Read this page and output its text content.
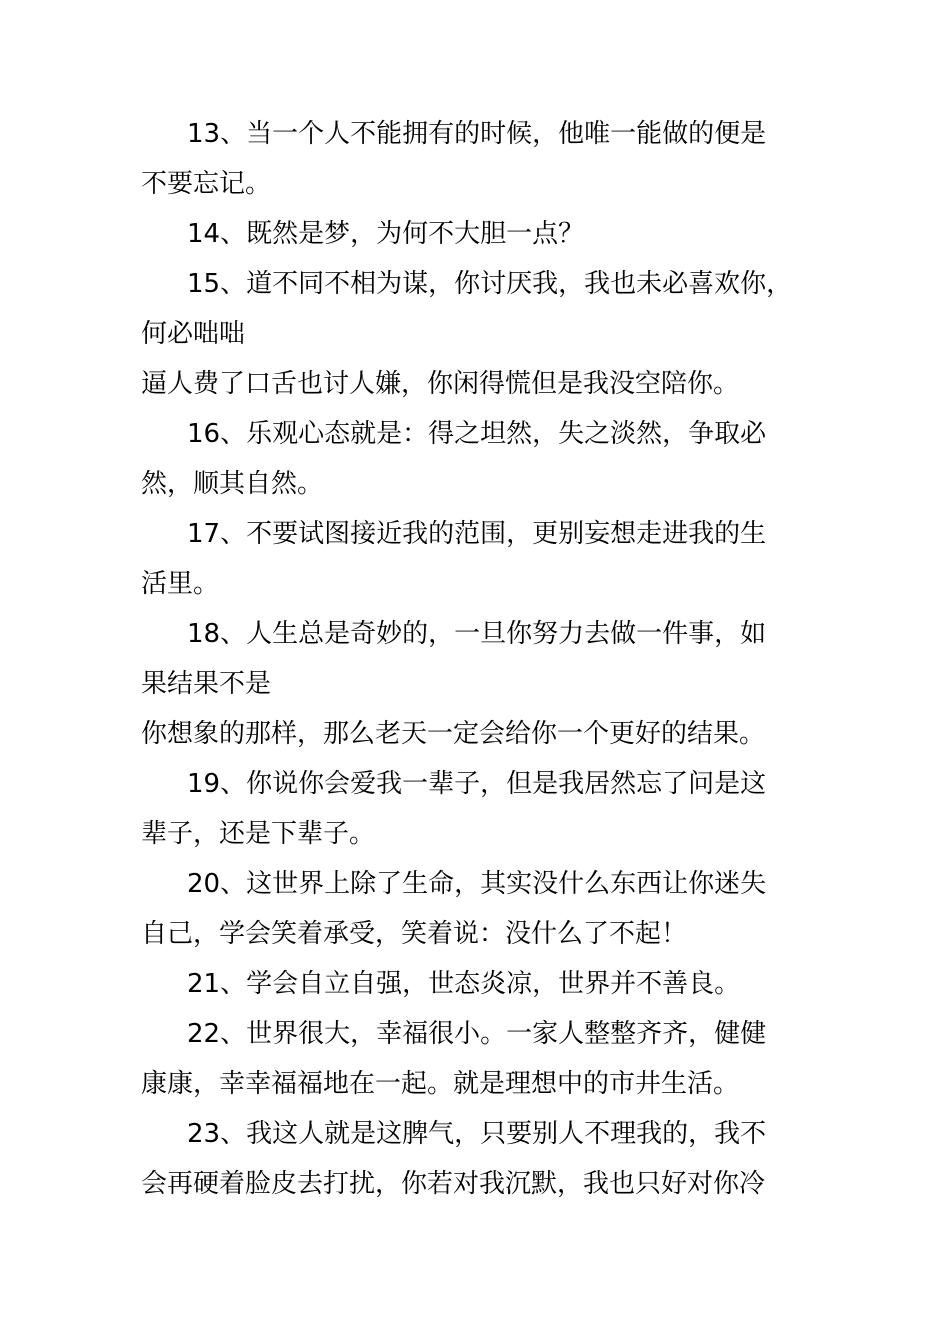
13、当一个人不能拥有的时候，他唯一能做的便是
不要忘记。
14、既然是梦，为何不大胆一点？
15、道不同不相为谋，你讨厌我，我也未必喜欢你，
何必咄咄
逼人费了口舌也讨人嫌，你闲得慌但是我没空陪你。
16、乐观心态就是：得之坦然，失之淡然，争取必
然，顺其自然。
17、不要试图接近我的范围，更别妄想走进我的生
活里。
18、人生总是奇妙的，一旦你努力去做一件事，如
果结果不是
你想象的那样，那么老天一定会给你一个更好的结果。
19、你说你会爱我一辈子，但是我居然忘了问是这
辈子，还是下辈子。
20、这世界上除了生命，其实没什么东西让你迷失
自己，学会笑着承受，笑着说：没什么了不起！
21、学会自立自强，世态炎凉，世界并不善良。
22、世界很大，幸福很小。一家人整整齐齐，健健
康康，幸幸福福地在一起。就是理想中的市井生活。
23、我这人就是这脾气，只要别人不理我的，我不
会再硬着脸皮去打扰，你若对我沉默，我也只好对你冷
